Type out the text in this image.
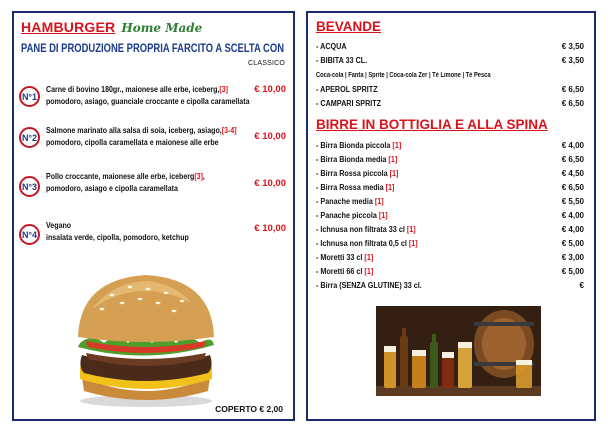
HAMBURGER Home Made
PANE DI PRODUZIONE PROPRIA FARCITO A SCELTA CON
CLASSICO
N°1
Carne di bovino 180gr., maionese alle erbe, iceberg,[3]
pomodoro, asiago, guanciale croccante e cipolla caramellata
€ 10,00
N°2
Salmone marinato alla salsa di soia, iceberg, asiago,[3-4]
pomodoro, cipolla caramellata e maionese alle erbe	€ 10,00
N°3
Pollo croccante, maionese alle erbe, iceberg[3],
pomodoro, asiago e cipolla caramellata	€ 10,00
N°4
Vegano
insalata verde, cipolla, pomodoro, ketchup
€ 10,00
COPERTO € 2,00
BEVANDE
- ACQUA	€ 3,50
- BIBITA 33 CL.	€ 3,50
Coca-cola | Fanta | Sprite | Coca-cola Zer | Tè Limone | Tè Pesca
- APEROL SPRITZ	€ 6,50
- CAMPARI SPRITZ	€ 6,50
BIRRE IN BOTTIGLIA E ALLA SPINA
- Birra Bionda piccola [1]	€ 4,00
- Birra Bionda media [1]	€ 6,50
- Birra Rossa piccola [1]	€ 4,50
- Birra Rossa media [1]	€ 6,50
- Panache media [1]	€ 5,50
- Panache piccola [1]	€ 4,00
- Ichnusa non filtrata 33 cl [1]	€ 4,00
- Ichnusa non filtrata 0,5 cl [1]	€ 5,00
- Moretti 33 cl [1]	€ 3,00
- Moretti 66 cl [1]	€ 5,00
- Birra (SENZA GLUTINE) 33 cl.	€
